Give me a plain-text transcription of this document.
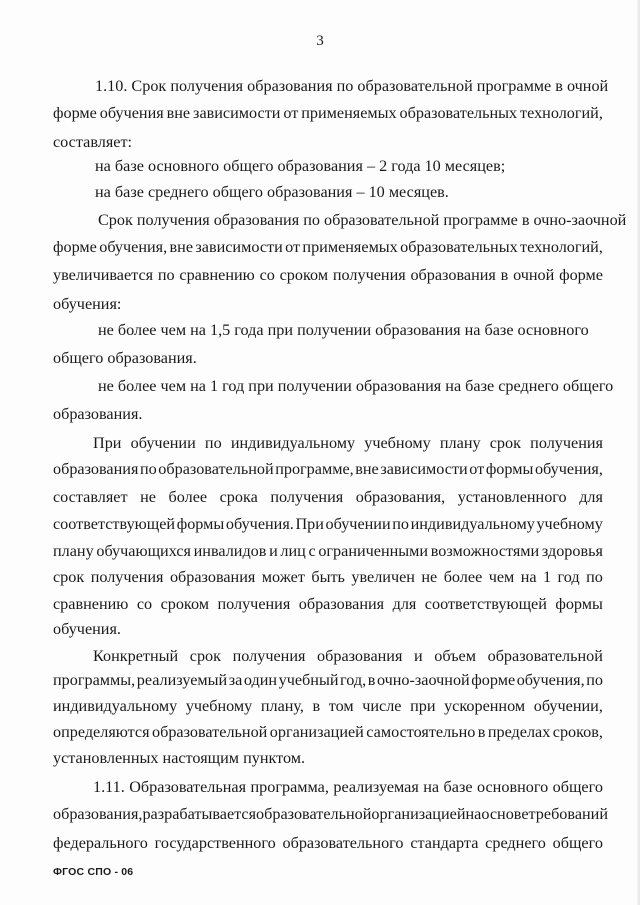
3
1.10. Срок получения образования по образовательной программе в очной
форме обучения вне зависимости от применяемых образовательных технологий,
составляет:
на базе основного общего образования – 2 года 10 месяцев;
на базе среднего общего образования – 10 месяцев.
Срок получения образования по образовательной программе в очно-заочной
форме обучения, вне зависимости от применяемых образовательных технологий,
увеличивается по сравнению со сроком получения образования в очной форме
обучения:
не более чем на 1,5 года при получении образования на базе основного
общего образования.
не более чем на 1 год при получении образования на базе среднего общего
образования.
При обучении по индивидуальному учебному плану срок получения
образования по образовательной программе, вне зависимости от формы обучения,
составляет не более срока получения образования, установленного для
соответствующей формы обучения. При обучении по индивидуальному учебному
плану обучающихся инвалидов и лиц с ограниченными возможностями здоровья
срок получения образования может быть увеличен не более чем на 1 год по
сравнению со сроком получения образования для соответствующей формы
обучения.
Конкретный срок получения образования и объем образовательной
программы, реализуемый за один учебный год, в очно-заочной форме обучения, по
индивидуальному учебному плану, в том числе при ускоренном обучении,
определяются образовательной организацией самостоятельно в пределах сроков,
установленных настоящим пунктом.
1.11. Образовательная программа, реализуемая на базе основного общего
образования, разрабатывается образовательной организацией на основе требований
федерального государственного образовательного стандарта среднего общего
ФГОС СПО - 06
